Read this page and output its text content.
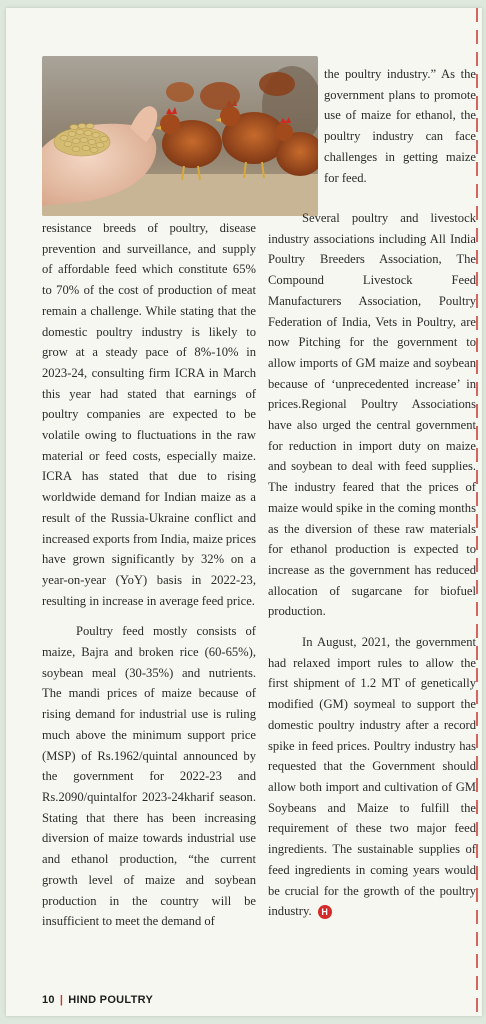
the poultry industry.” As the government plans to promote use of maize for ethanol, the poultry industry can face challenges in getting maize for feed.

resistance breeds of poultry, disease prevention and surveillance, and supply of affordable feed which constitute 65% to 70% of the cost of production of meat remain a challenge. While stating that the domestic poultry industry is likely to grow at a steady pace of 8%-10% in 2023-24, consulting firm ICRA in March this year had stated that earnings of poultry companies are expected to be volatile owing to fluctuations in the raw material or feed costs, especially maize. ICRA has stated that due to rising worldwide demand for Indian maize as a result of the Russia-Ukraine conflict and increased exports from India, maize prices have grown significantly by 32% on a year-on-year (YoY) basis in 2022-23, resulting in increase in average feed price.

Poultry feed mostly consists of maize, Bajra and broken rice (60-65%), soybean meal (30-35%) and nutrients. The mandi prices of maize because of rising demand for industrial use is ruling much above the minimum support price (MSP) of Rs.1962/quintal announced by the government for 2022-23 and Rs.2090/quintalfor 2023-24kharif season. Stating that there has been increasing diversion of maize towards industrial use and ethanol production, “the current growth level of maize and soybean production in the country will be insufficient to meet the demand of

Several poultry and livestock industry associations including All India Poultry Breeders Association, The Compound Livestock Feed Manufacturers Association, Poultry Federation of India, Vets in Poultry, are now Pitching for the government to allow imports of GM maize and soybean because of ‘unprecedented increase’ in prices.Regional Poultry Associations have also urged the central government for reduction in import duty on maize and soybean to deal with feed supplies. The industry feared that the prices of maize would spike in the coming months as the diversion of these raw materials for ethanol production is expected to increase as the government has reduced allocation of sugarcane for biofuel production.

In August, 2021, the government had relaxed import rules to allow the first shipment of 1.2 MT of genetically modified (GM) soymeal to support the domestic poultry industry after a record spike in feed prices. Poultry industry has requested that the Government should allow both import and cultivation of GM Soybeans and Maize to fulfill the requirement of these two major feed ingredients. The sustainable supplies of feed ingredients in coming years would be crucial for the growth of the poultry industry. H

10 | HIND POULTRY
